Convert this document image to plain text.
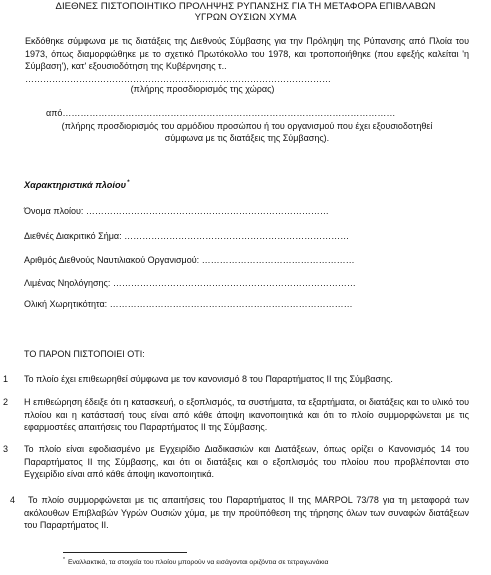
ΔΙΕΘΝΕΣ ΠΙΣΤΟΠΟΙΗΤΙΚΟ ΠΡΟΛΗΨΗΣ ΡΥΠΑΝΣΗΣ ΓΙΑ ΤΗ ΜΕΤΑΦΟΡΑ ΕΠΙΒΛΑΒΩΝ
ΥΓΡΩΝ ΟΥΣΙΩΝ ΧΥΜΑ
Εκδόθηκε σύμφωνα με τις διατάξεις της Διεθνούς Σύμβασης για την Πρόληψη της Ρύπανσης από Πλοία του 1973, όπως διαμορφώθηκε με το σχετικό Πρωτόκολλο του 1978, και τροποποιήθηκε (που εφεξής καλείται 'η Σύμβαση'), κατ' εξουσιοδότηση της Κυβέρνησης τ..
…………………………………………………………………………………………
(πλήρης προσδιορισμός της χώρας)
από…………………………………………………………………………………………………
(πλήρης προσδιορισμός του αρμόδιου προσώπου ή του οργανισμού που έχει εξουσιοδοτηθεί
σύμφωνα με τις διατάξεις της Σύμβασης).
Χαρακτηριστικά πλοίου*
Όνομα πλοίου: ………………………………………………………………………
Διεθνές Διακριτικό Σήμα: …………………………………………………………………
Αριθμός Διεθνούς Ναυτιλιακού Οργανισμού: ……………………………………………
Λιμένας Νηολόγησης: ………………………………………………………………………
Ολική Χωρητικότητα: ………………………………………………………………………
ΤΟ ΠΑΡΟΝ ΠΙΣΤΟΠΟΙΕΙ ΟΤΙ:
1 Το πλοίο έχει επιθεωρηθεί σύμφωνα με τον κανονισμό 8 του Παραρτήματος ΙΙ της Σύμβασης.
2 Η επιθεώρηση έδειξε ότι η κατασκευή, ο εξοπλισμός, τα συστήματα, τα εξαρτήματα, οι διατάξεις και το υλικό του πλοίου και η κατάστασή τους είναι από κάθε άποψη ικανοποιητικά και ότι το πλοίο συμμορφώνεται με τις εφαρμοστέες απαιτήσεις του Παραρτήματος ΙΙ της Σύμβασης.
3 Το πλοίο είναι εφοδιασμένο με Εγχειρίδιο Διαδικασιών και Διατάξεων, όπως ορίζει ο Κανονισμός 14 του Παραρτήματος ΙΙ της Σύμβασης, και ότι οι διατάξεις και ο εξοπλισμός του πλοίου που προβλέπονται στο Εγχειρίδιο είναι από κάθε άποψη ικανοποιητικά.
4	Το πλοίο συμμορφώνεται με τις απαιτήσεις του Παραρτήματος ΙΙ της MARPOL 73/78 για τη μεταφορά των ακόλουθων Επιβλαβών Υγρών Ουσιών χύμα, με την προϋπόθεση της τήρησης όλων των συναφών διατάξεων του Παραρτήματος ΙΙ.
* Εναλλακτικά, τα στοιχεία του πλοίου μπορούν να εισάγονται οριζόντια σε τετραγωνάκια
